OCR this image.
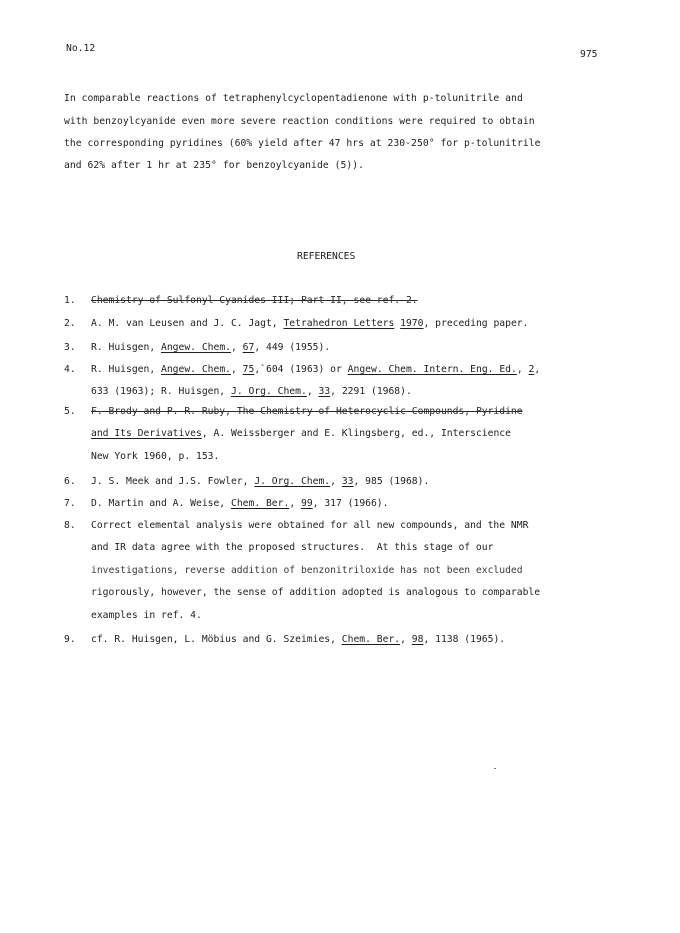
No.12
975
In comparable reactions of tetraphenylcyclopentadienone with p-tolunitrile and
with benzoylcyanide even more severe reaction conditions were required to obtain
the corresponding pyridines (60% yield after 47 hrs at 230-250° for p-tolunitrile
and 62% after 1 hr at 235° for benzoylcyanide (5)).
REFERENCES
1. Chemistry of Sulfonyl Cyanides III; Part II, see ref. 2.
2. A. M. van Leusen and J. C. Jagt, Tetrahedron Letters 1970, preceding paper.
3. R. Huisgen, Angew. Chem., 67, 449 (1955).
4. R. Huisgen, Angew. Chem., 75,`604 (1963) or Angew. Chem. Intern. Eng. Ed., 2,
633 (1963); R. Huisgen, J. Org. Chem., 33, 2291 (1968).
5. F. Brody and P. R. Ruby, The Chemistry of Heterocyclic Compounds, Pyridine
and Its Derivatives, A. Weissberger and E. Klingsberg, ed., Interscience
New York 1960, p. 153.
6. J. S. Meek and J.S. Fowler, J. Org. Chem., 33, 985 (1968).
7. D. Martin and A. Weise, Chem. Ber., 99, 317 (1966).
8. Correct elemental analysis were obtained for all new compounds, and the NMR
and IR data agree with the proposed structures.  At this stage of our
investigations, reverse addition of benzonitriloxide has not been excluded
rigorously, however, the sense of addition adopted is analogous to comparable
examples in ref. 4.
9. cf. R. Huisgen, L. Möbius and G. Szeimies, Chem. Ber., 98, 1138 (1965).
